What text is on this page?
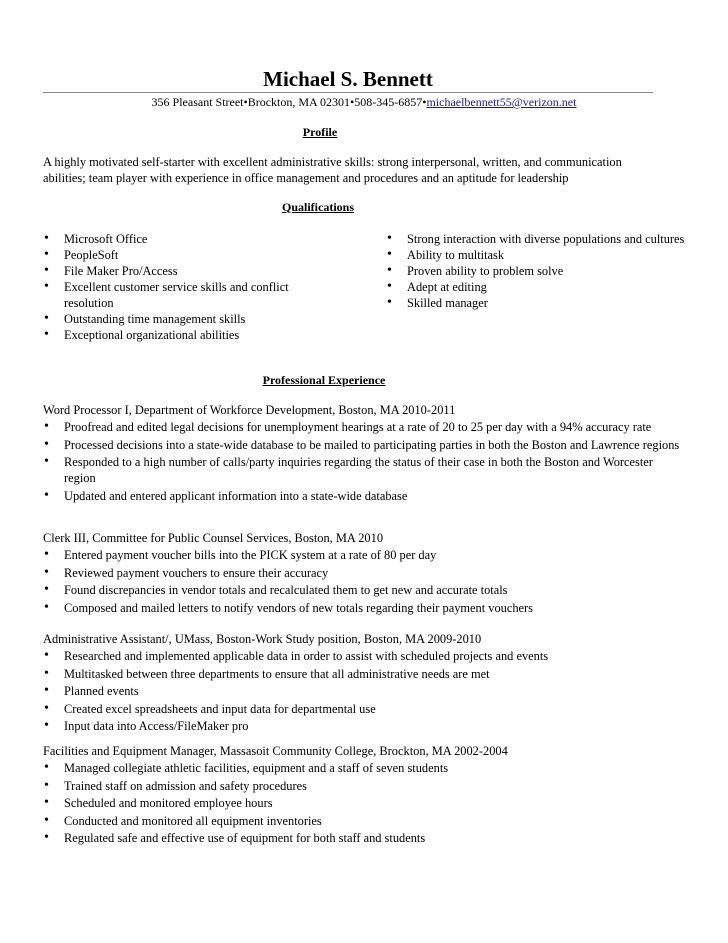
Michael S. Bennett
356 Pleasant Street•Brockton, MA 02301•508-345-6857•michaelbennett55@verizon.net
Profile
A highly motivated self-starter with excellent administrative skills: strong interpersonal, written, and communication abilities; team player with experience in office management and procedures and an aptitude for leadership
Qualifications
• Microsoft Office
• PeopleSoft
• File Maker Pro/Access
• Excellent customer service skills and conflict resolution
• Outstanding time management skills
• Exceptional organizational abilities
• Strong interaction with diverse populations and cultures
• Ability to multitask
• Proven ability to problem solve
• Adept at editing
• Skilled manager
Professional Experience
Word Processor I, Department of Workforce Development, Boston, MA 2010-2011
• Proofread and edited legal decisions for unemployment hearings at a rate of 20 to 25 per day with a 94% accuracy rate
• Processed decisions into a state-wide database to be mailed to participating parties in both the Boston and Lawrence regions
• Responded to a high number of calls/party inquiries regarding the status of their case in both the Boston and Worcester region
• Updated and entered applicant information into a state-wide database
Clerk III, Committee for Public Counsel Services, Boston, MA 2010
• Entered payment voucher bills into the PICK system at a rate of 80 per day
• Reviewed payment vouchers to ensure their accuracy
• Found discrepancies in vendor totals and recalculated them to get new and accurate totals
• Composed and mailed letters to notify vendors of new totals regarding their payment vouchers
Administrative Assistant/, UMass, Boston-Work Study position, Boston, MA 2009-2010
• Researched and implemented applicable data in order to assist with scheduled projects and events
• Multitasked between three departments to ensure that all administrative needs are met
• Planned events
• Created excel spreadsheets and input data for departmental use
• Input data into Access/FileMaker pro
Facilities and Equipment Manager, Massasoit Community College, Brockton, MA 2002-2004
• Managed collegiate athletic facilities, equipment and a staff of seven students
• Trained staff on admission and safety procedures
• Scheduled and monitored employee hours
• Conducted and monitored all equipment inventories
• Regulated safe and effective use of equipment for both staff and students
